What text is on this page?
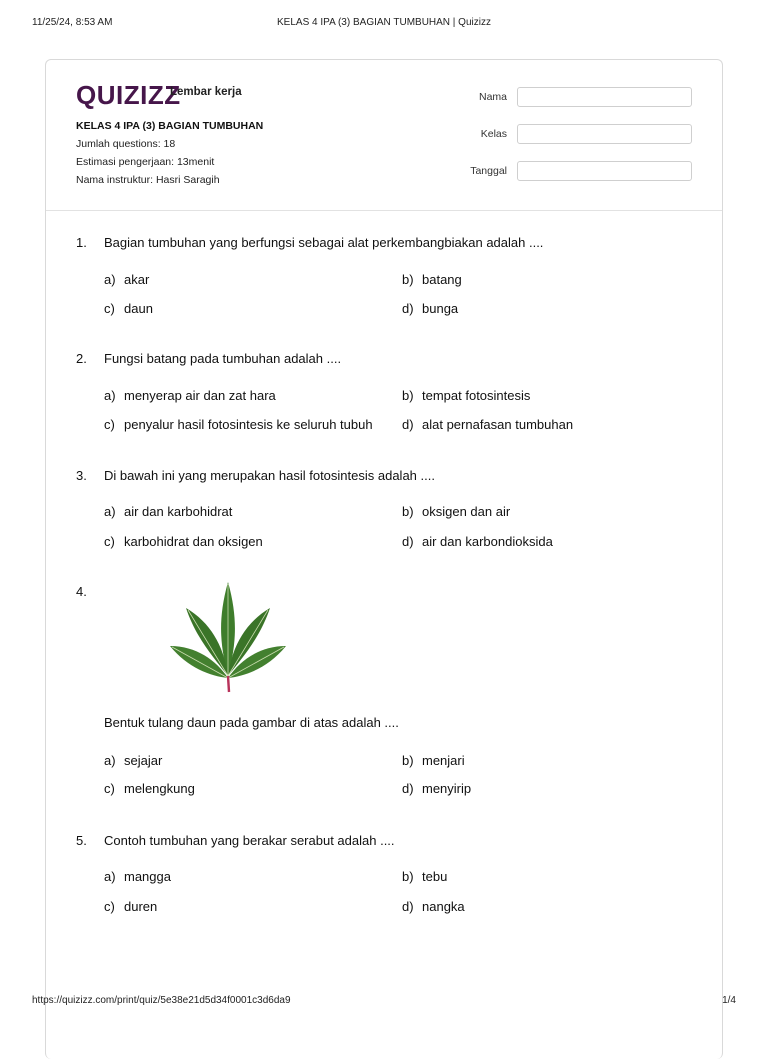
11/25/24, 8:53 AM	KELAS 4 IPA (3) BAGIAN TUMBUHAN | Quizizz
QUIZIZZ
Lembar kerja
KELAS 4 IPA (3) BAGIAN TUMBUHAN
Jumlah questions: 18
Estimasi pengerjaan: 13menit
Nama instruktur: Hasri Saragih
Nama
Kelas
Tanggal
1. Bagian tumbuhan yang berfungsi sebagai alat perkembangbiakan adalah ....
a) akar	b) batang
c) daun	d) bunga
2. Fungsi batang pada tumbuhan adalah ....
a) menyerap air dan zat hara	b) tempat fotosintesis
c) penyalur hasil fotosintesis ke seluruh tubuh d) alat pernafasan tumbuhan
3. Di bawah ini yang merupakan hasil fotosintesis adalah ....
a) air dan karbohidrat	b) oksigen dan air
c) karbohidrat dan oksigen	d) air dan karbondioksida
4.
Bentuk tulang daun pada gambar di atas adalah ....
a) sejajar	b) menjari
c) melengkung	d) menyirip
5. Contoh tumbuhan yang berakar serabut adalah ....
a) mangga	b) tebu
c) duren	d) nangka
https://quizizz.com/print/quiz/5e38e21d5d34f0001c3d6da9	1/4
